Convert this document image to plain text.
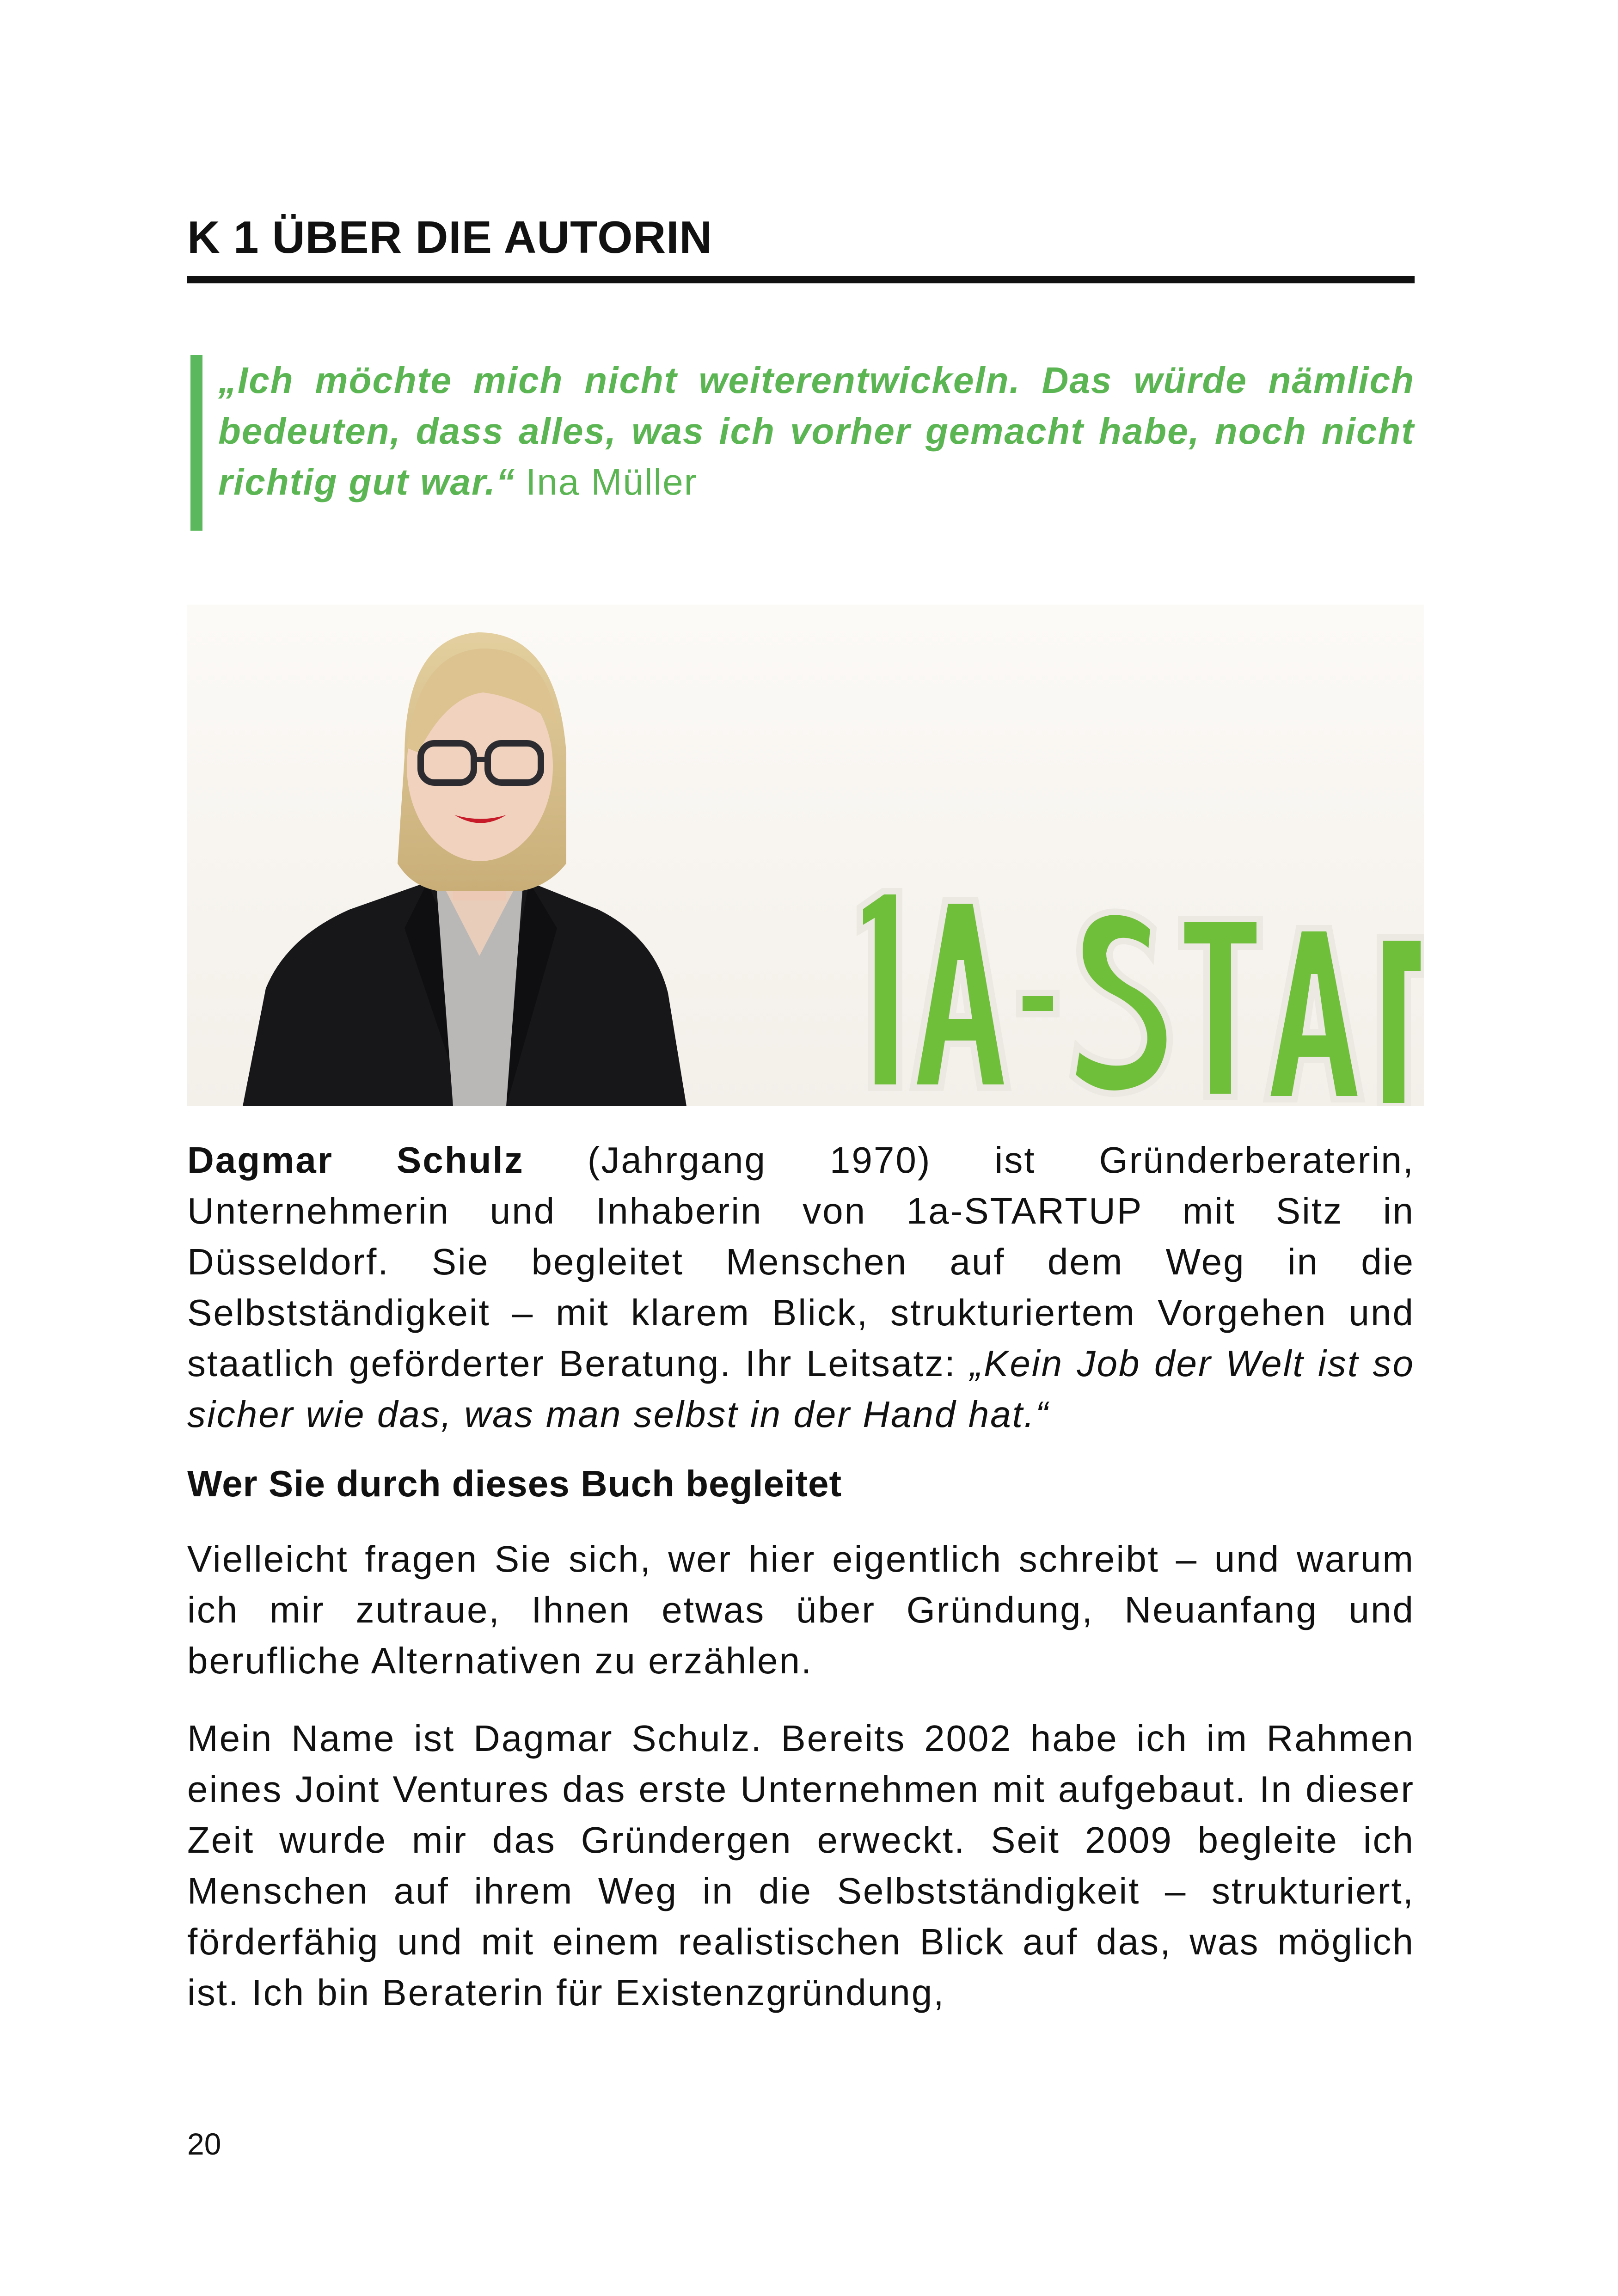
K 1 ÜBER DIE AUTORIN

„Ich möchte mich nicht weiterentwickeln. Das würde nämlich bedeuten, dass alles, was ich vorher gemacht habe, noch nicht richtig gut war.“ Ina Müller

Dagmar Schulz (Jahrgang 1970) ist Gründerberaterin, Unternehmerin und Inhaberin von 1a-STARTUP mit Sitz in Düsseldorf. Sie begleitet Menschen auf dem Weg in die Selbstständigkeit – mit klarem Blick, strukturiertem Vorgehen und staatlich geförderter Beratung. Ihr Leitsatz: „Kein Job der Welt ist so sicher wie das, was man selbst in der Hand hat.“

Wer Sie durch dieses Buch begleitet

Vielleicht fragen Sie sich, wer hier eigentlich schreibt – und warum ich mir zutraue, Ihnen etwas über Gründung, Neuanfang und berufliche Alternativen zu erzählen.

Mein Name ist Dagmar Schulz. Bereits 2002 habe ich im Rahmen eines Joint Ventures das erste Unternehmen mit aufgebaut. In dieser Zeit wurde mir das Gründergen erweckt. Seit 2009 begleite ich Menschen auf ihrem Weg in die Selbstständigkeit – strukturiert, förderfähig und mit einem realistischen Blick auf das, was möglich ist. Ich bin Beraterin für Existenzgründung,

20
